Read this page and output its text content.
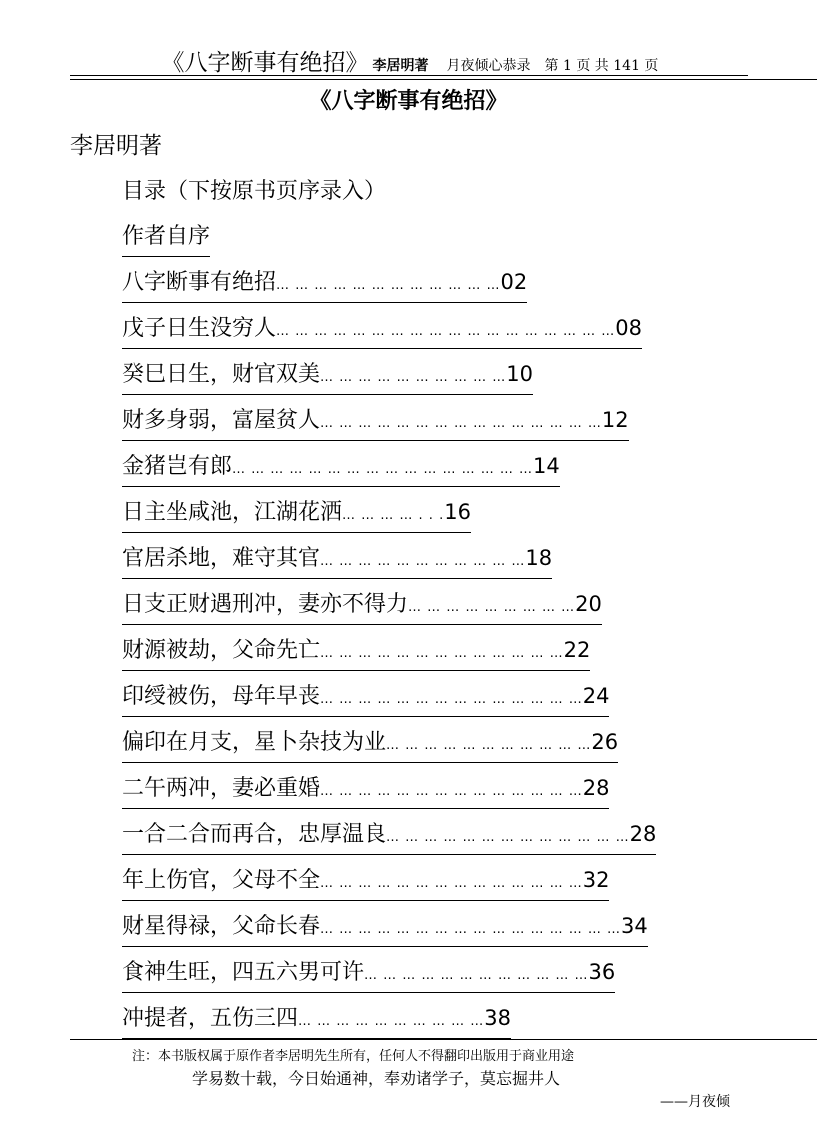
《八字断事有绝招》 李居明著 月夜倾心恭录 第 1 页 共 141 页
《八字断事有绝招》
李居明著
目录（下按原书页序录入）
作者自序
八字断事有绝招… … … … … … … … … … … …02
戊子日生没穷人… … … … … … … … … … … … … … … … … …08
癸巳日生，财官双美… … … … … … … … … …10
财多身弱，富屋贫人… … … … … … … … … … … … … … …12
金猪岂有郎… … … … … … … … … … … … … … … …14
日主坐咸池，江湖花洒… … … … . . .16
官居杀地，难守其官… … … … … … … … … … …18
日支正财遇刑冲，妻亦不得力… … … … … … … … …20
财源被劫，父命先亡… … … … … … … … … … … … …22
印绶被伤，母年早丧… … … … … … … … … … … … … …24
偏印在月支，星卜杂技为业… … … … … … … … … … …26
二午两冲，妻必重婚… … … … … … … … … … … … … …28
一合二合而再合，忠厚温良… … … … … … … … … … … … …28
年上伤官，父母不全… … … … … … … … … … … … … …32
财星得禄，父命长春… … … … … … … … … … … … … … … …34
食神生旺，四五六男可许… … … … … … … … … … … …36
冲提者，五伤三四… … … … … … … … … …38
注：本书版权属于原作者李居明先生所有，任何人不得翻印出版用于商业用途
学易数十载，今日始通神，奉劝诸学子，莫忘掘井人
——月夜倾
